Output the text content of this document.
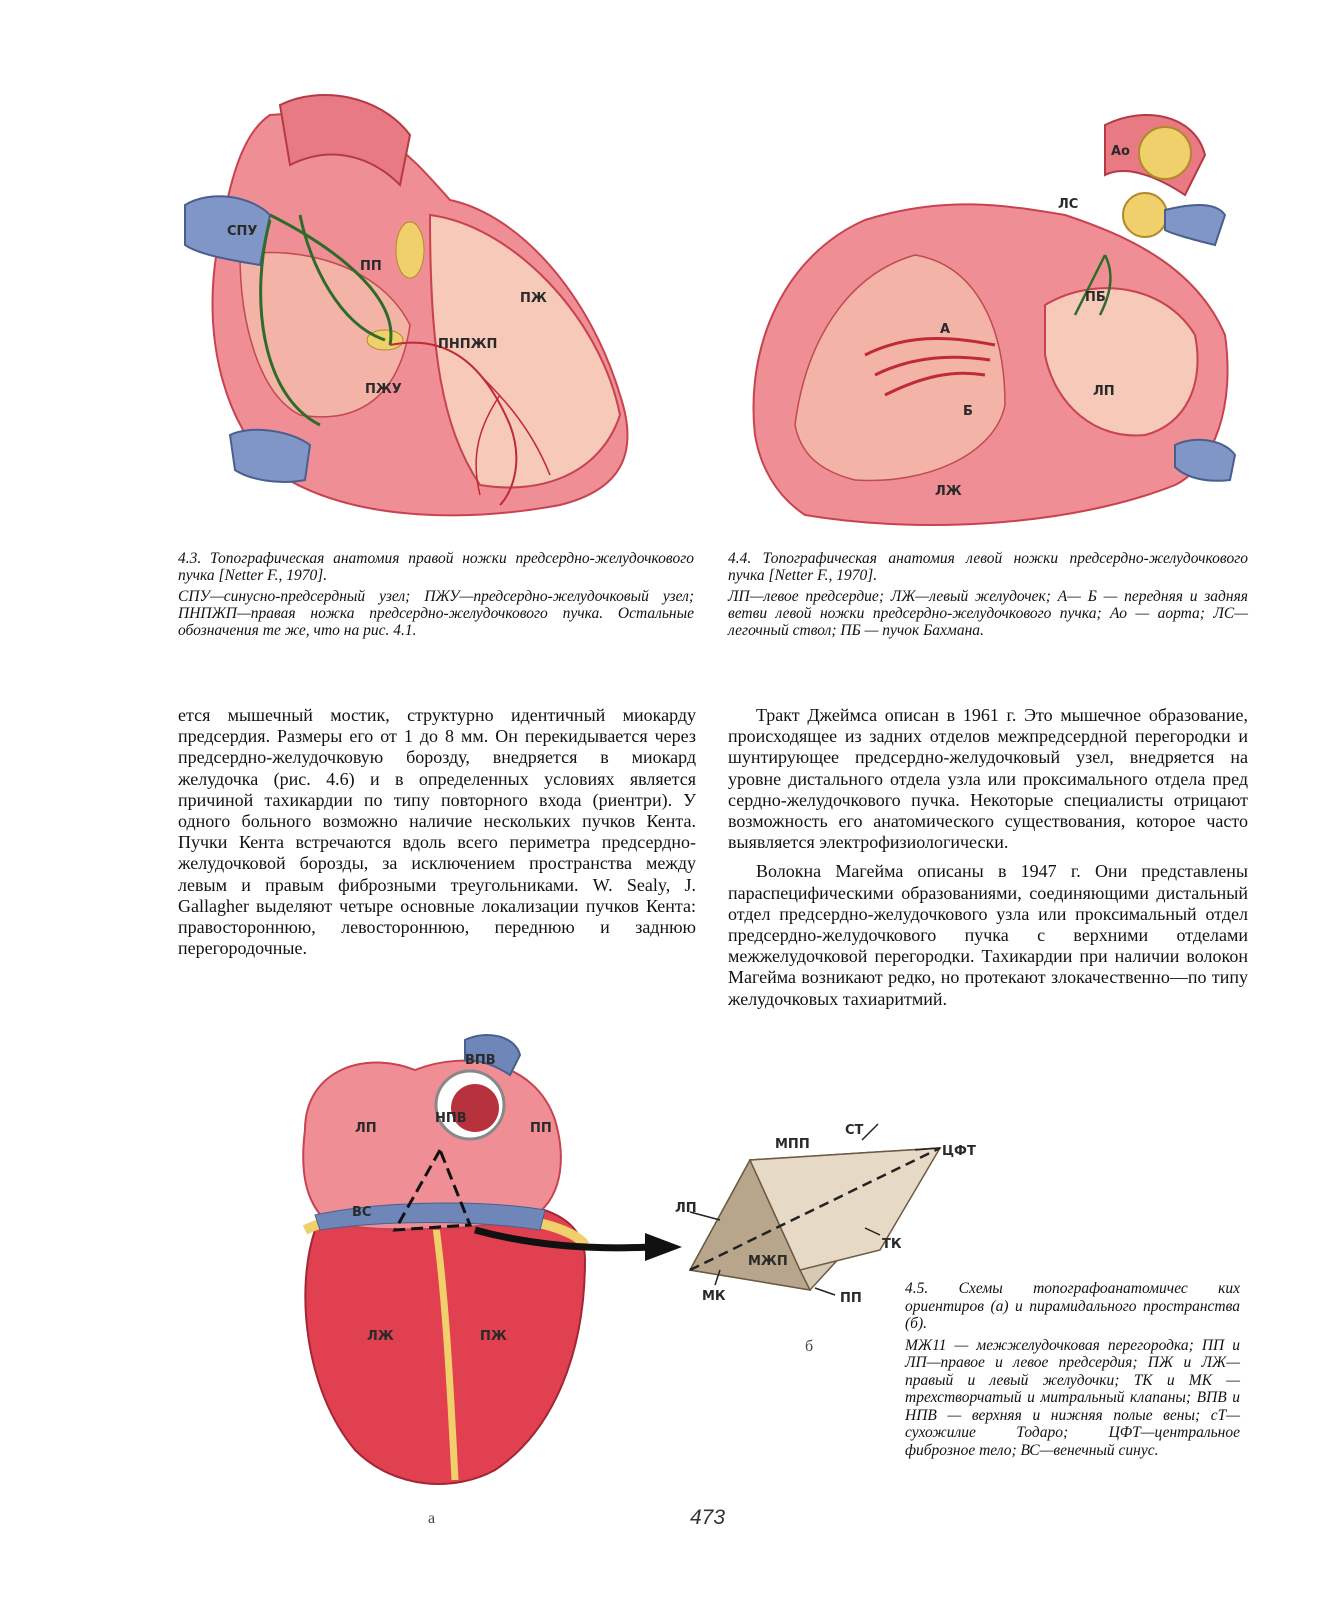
СПУ
ПП
ПЖ
ПНПЖП
ПЖУ
Ао
ЛС
ПБ
А
Б
ЛП
ЛЖ

4.3. Топографическая анатомия правой ножки предсердно-желудочкового пучка [Netter F., 1970].

СПУ—синусно-предсердный узел; ПЖУ—предсердно-желудочковый узел; ПНПЖП—правая ножка предсердно-желудочкового пучка. Остальные обозначения те же, что на рис. 4.1.

4.4. Топографическая анатомия левой ножки предсердно-желудочкового пучка [Netter F., 1970].

ЛП—левое предсердие; ЛЖ—левый желудочек; А— Б — передняя и задняя ветви левой ножки предсердно-желудочкового пучка; Ао — аорта; ЛС—легочный ствол; ПБ — пучок Бахмана.

ется мышечный мостик, структурно идентичный миокарду предсердия. Размеры его от 1 до 8 мм. Он перекидывается через предсердно-желудочковую борозду, внедряется в миокард желудочка (рис. 4.6) и в определенных условиях является причиной тахикардии по типу повторного входа (риентри). У одного больного возможно наличие нескольких пучков Кента. Пучки Кента встречаются вдоль всего периметра предсердно-желудочковой борозды, за исключением пространства между левым и правым фиброзными треугольниками. W. Sealy, J. Gallagher выделяют четыре основные локализации пучков Кента: правостороннюю, левостороннюю, переднюю и заднюю перегородочные.

Тракт Джеймса описан в 1961 г. Это мышечное образование, происходящее из задних отделов межпредсердной перегородки и шунтирующее предсердно-желудочковый узел, внедряется на уровне дистального отдела узла или проксимального отдела пред сердно-желудочкового пучка. Некоторые специалисты отрицают возможность его анатомического существования, которое часто выявляется электрофизиологически.

Волокна Магейма описаны в 1947 г. Они представлены параспецифическими образованиями, соединяющими дистальный отдел предсердно-желудочкового узла или проксимальный отдел предсердно-желудочкового пучка с верхними отделами межжелудочковой перегородки. Тахикардии при наличии волокон Магейма возникают редко, но протекают злокачественно—по типу желудочковых тахиаритмий.

ВПВ
НПВ
ЛП	ПП
ВС
ЛЖ	ПЖ
а
МПП
СТ
ЦФТ
ЛП
ТК
МЖП
ПП
МК
б

4.5. Схемы топографоанатомичес ких ориентиров (а) и пирамидального пространства (б).

МЖ11 — межжелудочковая перегородка; ПП и ЛП—правое и левое предсердия; ПЖ и ЛЖ—правый и левый желудочки; ТК и МК — трехстворчатый и митральный клапаны; ВПВ и НПВ — верхняя и нижняя полые вены; сТ—сухожилие Тодаро; ЦФТ—центральное фиброзное тело; ВС—венечный синус.

473
